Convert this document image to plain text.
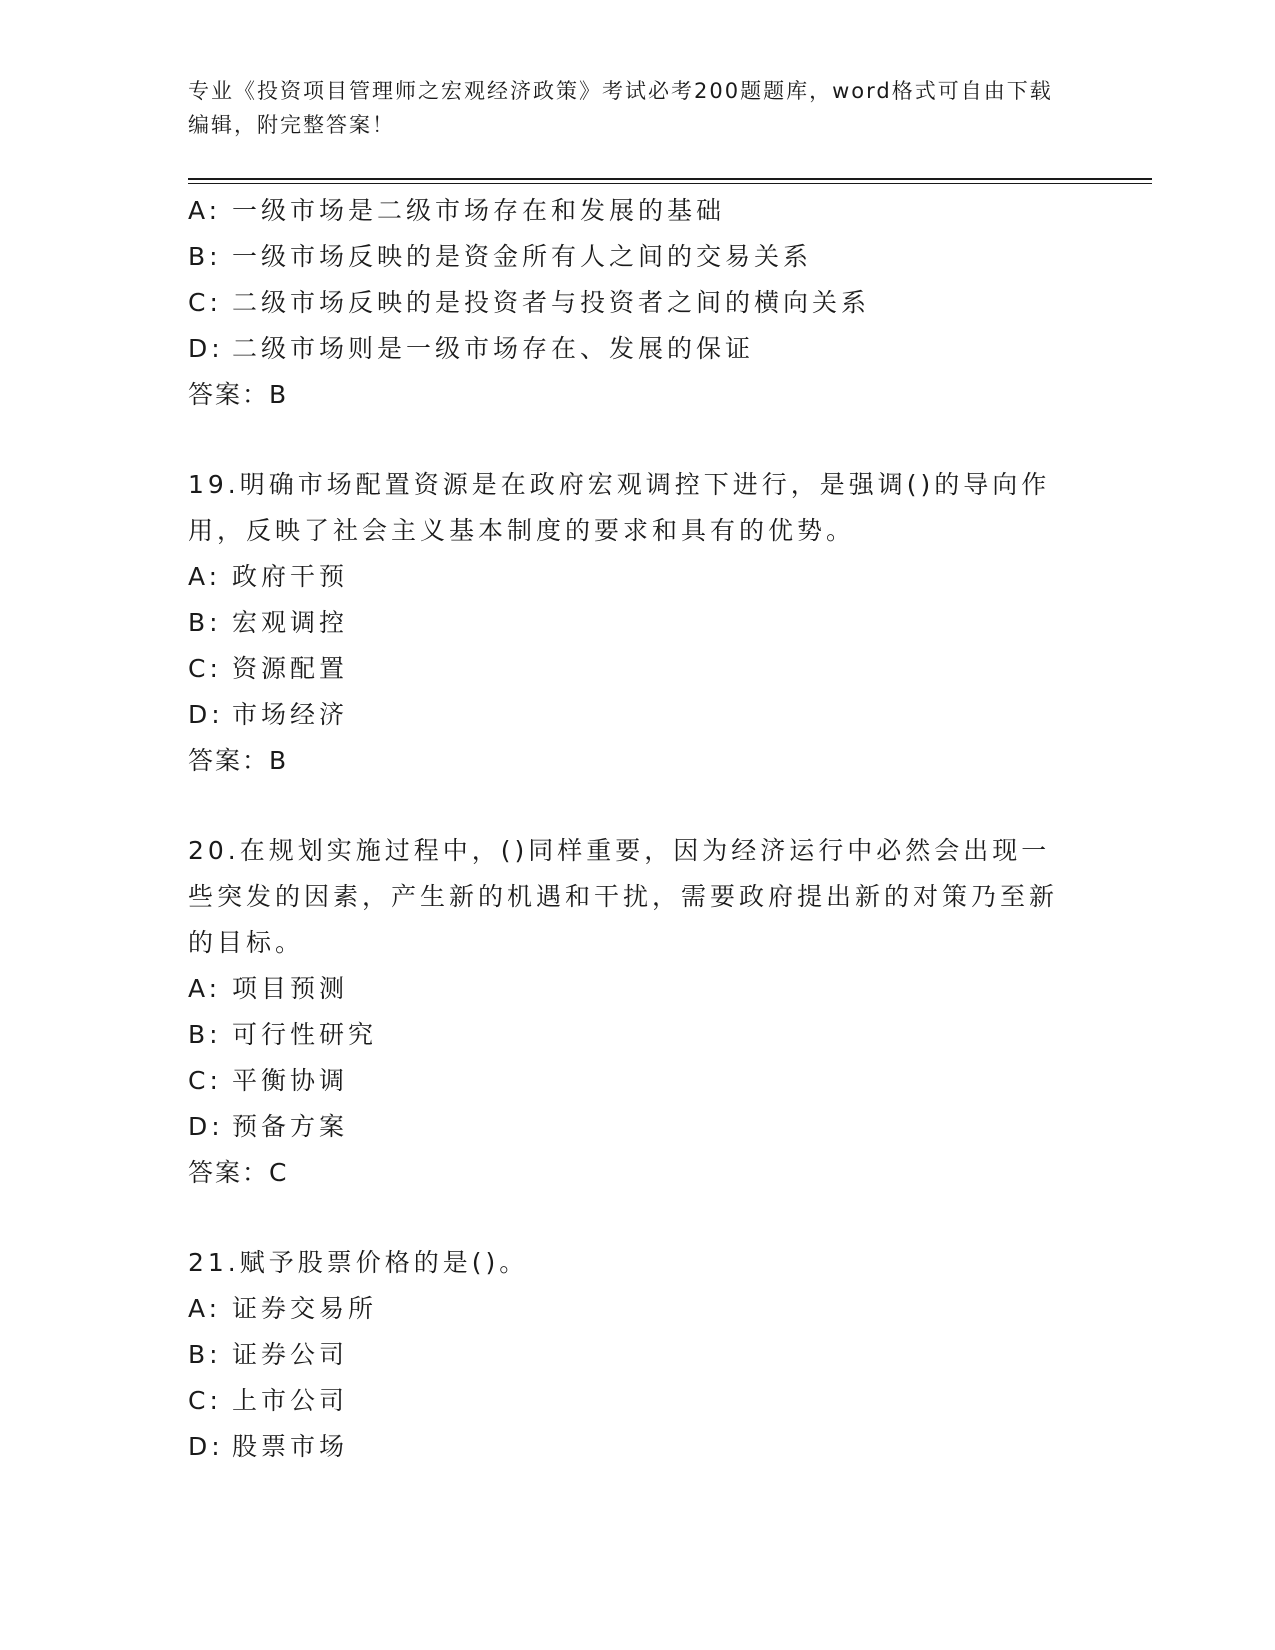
专业《投资项目管理师之宏观经济政策》考试必考200题题库，word格式可自由下载编辑，附完整答案！
A: 一级市场是二级市场存在和发展的基础
B: 一级市场反映的是资金所有人之间的交易关系
C: 二级市场反映的是投资者与投资者之间的横向关系
D: 二级市场则是一级市场存在、发展的保证
答案：B
19.明确市场配置资源是在政府宏观调控下进行，是强调()的导向作用，反映了社会主义基本制度的要求和具有的优势。
A: 政府干预
B: 宏观调控
C: 资源配置
D: 市场经济
答案：B
20.在规划实施过程中，()同样重要，因为经济运行中必然会出现一些突发的因素，产生新的机遇和干扰，需要政府提出新的对策乃至新的目标。
A: 项目预测
B: 可行性研究
C: 平衡协调
D: 预备方案
答案：C
21.赋予股票价格的是()。
A: 证券交易所
B: 证券公司
C: 上市公司
D: 股票市场
